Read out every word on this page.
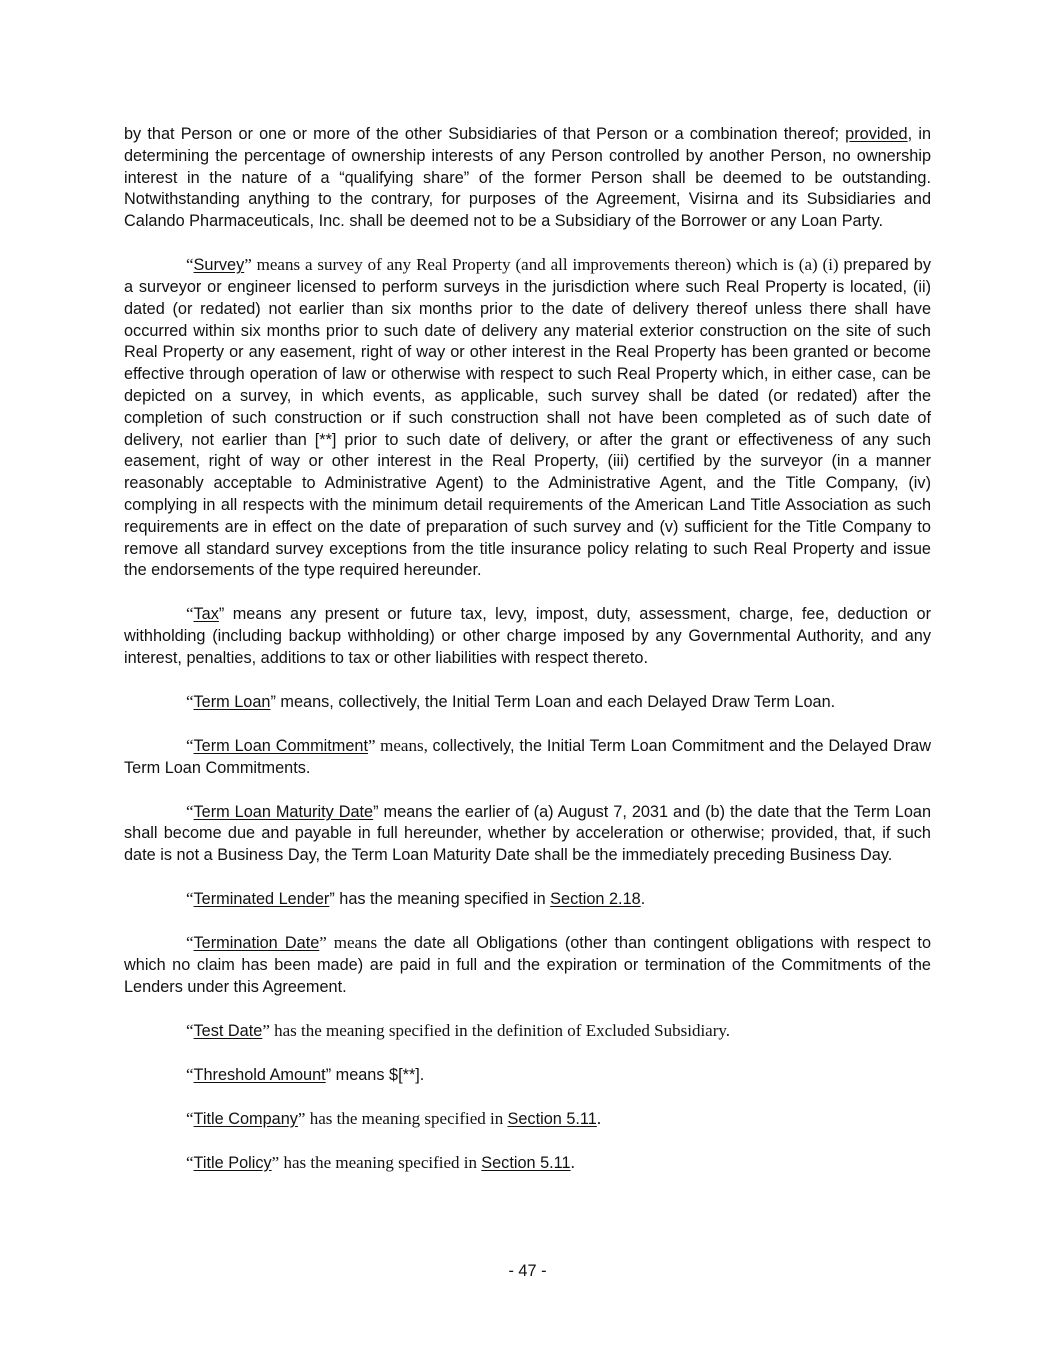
by that Person or one or more of the other Subsidiaries of that Person or a combination thereof; provided, in determining the percentage of ownership interests of any Person controlled by another Person, no ownership interest in the nature of a “qualifying share” of the former Person shall be deemed to be outstanding. Notwithstanding anything to the contrary, for purposes of the Agreement, Visirna and its Subsidiaries and Calando Pharmaceuticals, Inc. shall be deemed not to be a Subsidiary of the Borrower or any Loan Party.

“Survey” means a survey of any Real Property (and all improvements thereon) which is (a) (i) prepared by a surveyor or engineer licensed to perform surveys in the jurisdiction where such Real Property is located, (ii) dated (or redated) not earlier than six months prior to the date of delivery thereof unless there shall have occurred within six months prior to such date of delivery any material exterior construction on the site of such Real Property or any easement, right of way or other interest in the Real Property has been granted or become effective through operation of law or otherwise with respect to such Real Property which, in either case, can be depicted on a survey, in which events, as applicable, such survey shall be dated (or redated) after the completion of such construction or if such construction shall not have been completed as of such date of delivery, not earlier than [**] prior to such date of delivery, or after the grant or effectiveness of any such easement, right of way or other interest in the Real Property, (iii) certified by the surveyor (in a manner reasonably acceptable to Administrative Agent) to the Administrative Agent, and the Title Company, (iv) complying in all respects with the minimum detail requirements of the American Land Title Association as such requirements are in effect on the date of preparation of such survey and (v) sufficient for the Title Company to remove all standard survey exceptions from the title insurance policy relating to such Real Property and issue the endorsements of the type required hereunder.

“Tax” means any present or future tax, levy, impost, duty, assessment, charge, fee, deduction or withholding (including backup withholding) or other charge imposed by any Governmental Authority, and any interest, penalties, additions to tax or other liabilities with respect thereto.

“Term Loan” means, collectively, the Initial Term Loan and each Delayed Draw Term Loan.

“Term Loan Commitment” means, collectively, the Initial Term Loan Commitment and the Delayed Draw Term Loan Commitments.

“Term Loan Maturity Date” means the earlier of (a) August 7, 2031 and (b) the date that the Term Loan shall become due and payable in full hereunder, whether by acceleration or otherwise; provided, that, if such date is not a Business Day, the Term Loan Maturity Date shall be the immediately preceding Business Day.

“Terminated Lender” has the meaning specified in Section 2.18.

“Termination Date” means the date all Obligations (other than contingent obligations with respect to which no claim has been made) are paid in full and the expiration or termination of the Commitments of the Lenders under this Agreement.

“Test Date” has the meaning specified in the definition of Excluded Subsidiary.

“Threshold Amount” means $[**].

“Title Company” has the meaning specified in Section 5.11.

“Title Policy” has the meaning specified in Section 5.11.

- 47 -
